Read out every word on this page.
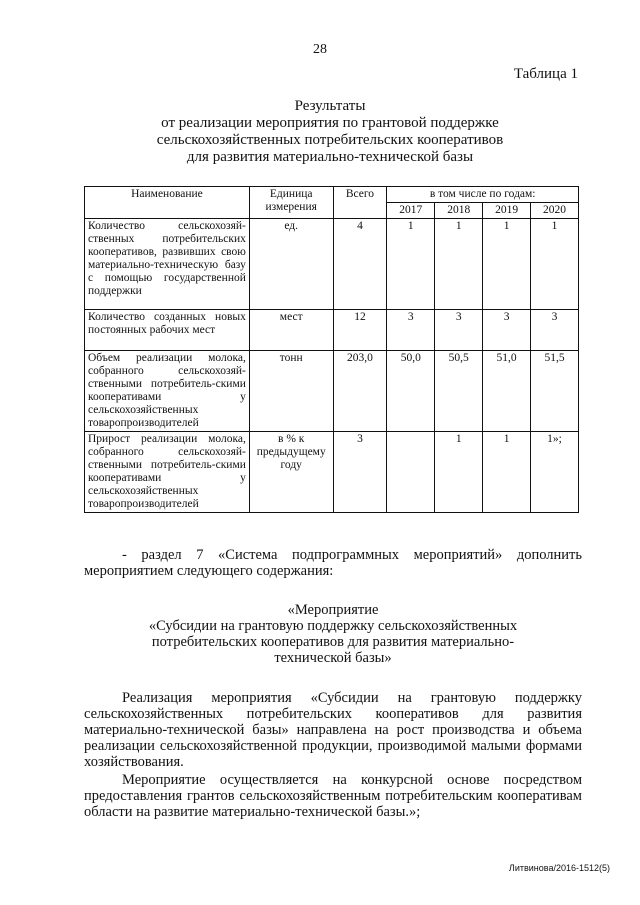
28
Таблица 1
Результаты
от реализации мероприятия по грантовой поддержке
сельскохозяйственных потребительских кооперативов
для развития материально-технической базы
Наименование	Единица измерения	Всего	в том числе по годам:			
			2017	2018	2019	2020
Количество сельскохозяй-ственных потребительских кооперативов, развивших свою материально-техническую базу с помощью государственной поддержки	ед.	4	1	1	1	1
Количество созданных новых постоянных рабочих мест	мест	12	3	3	3	3
Объем реализации молока, собранного сельскохозяй-ственными потребитель-скими кооперативами у сельскохозяйственных товаропроизводителей	тонн	203,0	50,0	50,5	51,0	51,5
Прирост реализации молока, собранного сельскохозяй-ственными потребитель-скими кооперативами у сельскохозяйственных товаропроизводителей	в % к предыдущему году	3		1	1	1»;
- раздел 7 «Система подпрограммных мероприятий» дополнить мероприятием следующего содержания:
«Мероприятие
«Субсидии на грантовую поддержку сельскохозяйственных потребительских кооперативов для развития материально-технической базы»
Реализация мероприятия «Субсидии на грантовую поддержку сельскохозяйственных потребительских кооперативов для развития материально-технической базы» направлена на рост производства и объема реализации сельскохозяйственной продукции, производимой малыми формами хозяйствования.
Мероприятие осуществляется на конкурсной основе посредством предоставления грантов сельскохозяйственным потребительским кооперативам области на развитие материально-технической базы.»;
Литвинова/2016-1512(5)
